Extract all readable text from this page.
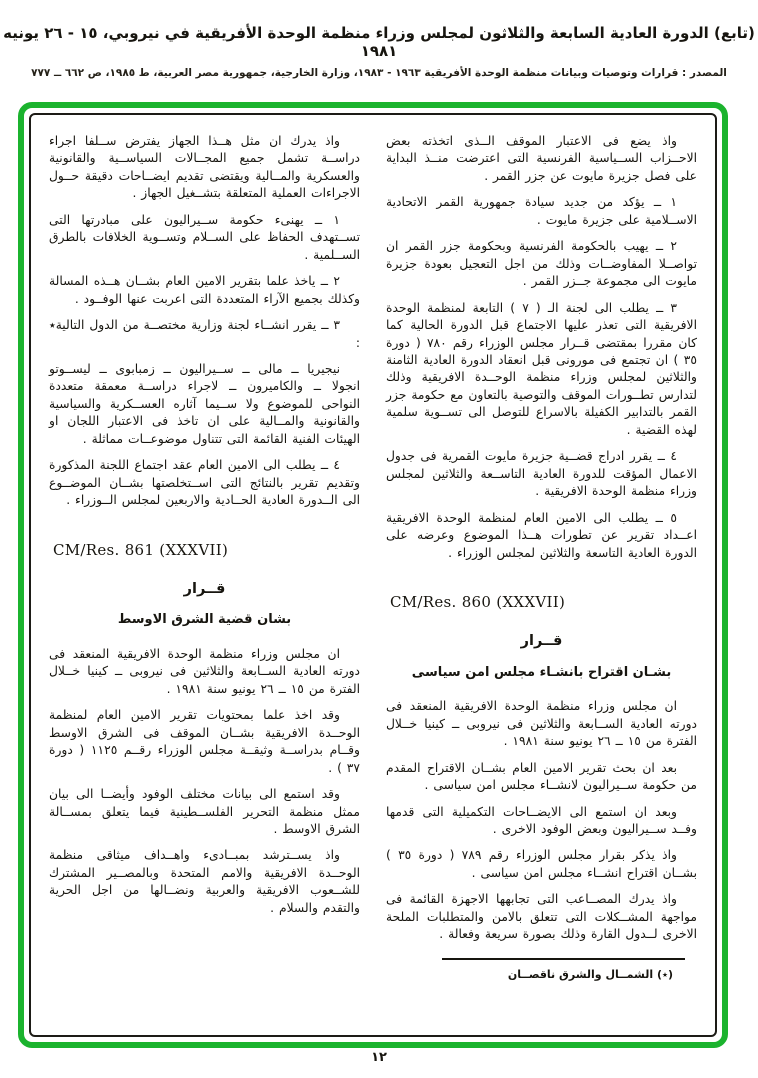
(تابع) الدورة العادية السابعة والثلاثون لمجلس وزراء منظمة الوحدة الأفريقية في نيروبي، ١٥ - ٢٦ يونيه ١٩٨١
المصدر : قرارات وتوصيات وبيانات منظمة الوحدة الأفريقية ١٩٦٣ - ١٩٨٣، وزارة الخارجية، جمهورية مصر العربية، ط ١٩٨٥، ص ٦٦٢ ــ ٧٧٧

واذ يضع فى الاعتبار الموقف الــذى اتخذته بعض الاحــزاب الســياسية الفرنسية التى اعترضت منــذ البداية على فصل جزيرة مايوت عن جزر القمر .

١ ــ يؤكد من جديد سيادة جمهورية القمر الاتحادية الاســلامية على جزيرة مايوت .

٢ ــ يهيب بالحكومة الفرنسية وبحكومة جزر القمر ان تواصــلا المفاوضــات وذلك من اجل التعجيل بعودة جزيرة مايوت الى مجموعة جــزر القمر .

٣ ــ يطلب الى لجنة الـ ( ٧ ) التابعة لمنظمة الوحدة الافريقية التى تعذر عليها الاجتماع قبل الدورة الحالية كما كان مقررا بمقتضى قــرار مجلس الوزراء رقم ٧٨٠ ( دورة ٣٥ ) ان تجتمع فى مورونى قبل انعقاد الدورة العادية الثامنة والثلاثين لمجلس وزراء منظمة الوحــدة الافريقية وذلك لتدارس تطــورات الموقف والتوصية بالتعاون مع حكومة جزر القمر بالتدابير الكفيلة بالاسراع للتوصل الى تســوية سلمية لهذه القضية .

٤ ــ يقرر ادراج قضــية جزيرة مايوت القمرية فى جدول الاعمال المؤقت للدورة العادية التاســعة والثلاثين لمجلس وزراء منظمة الوحدة الافريقية .

٥ ــ يطلب الى الامين العام لمنظمة الوحدة الافريقية اعــداد تقرير عن تطورات هــذا الموضوع وعرضه على الدورة العادية التاسعة والثلاثين لمجلس الوزراء .

CM/Res. 860 (XXXVII)
قــرار
بشـان اقتراح بانشـاء مجلس امن سياسى

ان مجلس وزراء منظمة الوحدة الافريقية المنعقد فى دورته العادية الســابعة والثلاثين فى نيروبى ــ كينيا خــلال الفترة من ١٥ ــ ٢٦ يونيو سنة ١٩٨١ .

بعد ان بحث تقرير الامين العام بشــان الاقتراح المقدم من حكومة ســيراليون لانشــاء مجلس امن سياسى .

وبعد ان استمع الى الايضــاحات التكميلية التى قدمها وفــد ســيراليون وبعض الوفود الاخرى .

واذ يذكر بقرار مجلس الوزراء رقم ٧٨٩ ( دورة ٣٥ ) بشــان اقتراح انشــاء مجلس امن سياسى .

واذ يدرك المصــاعب التى تجابهها الاجهزة القائمة فى مواجهة المشــكلات التى تتعلق بالامن والمتطلبات الملحة الاخرى لــدول القارة وذلك بصورة سريعة وفعالة .

(٭) الشمــال والشرق ناقصــان

واذ يدرك ان مثل هــذا الجهاز يفترض ســلفا اجراء دراســة تشمل جميع المجــالات السياســية والقانونية والعسكرية والمــالية ويقتضى تقديم ايضــاحات دقيقة حــول الاجراءات العملية المتعلقة بتشــغيل الجهاز .

١ ــ يهنىء حكومة ســيراليون على مبادرتها التى تســتهدف الحفاظ على الســلام وتســوية الخلافات بالطرق الســلمية .

٢ ــ ياخذ علما بتقرير الامين العام بشــان هــذه المسالة وكذلك بجميع الآراء المتعددة التى اعربت عنها الوفــود .

٣ ــ يقرر انشــاء لجنة وزارية مختصــة من الدول التالية٭ :

نيجيريا ــ مالى ــ ســيراليون ــ زمبابوى ــ ليســوتو انجولا ــ والكاميرون ــ لاجراء دراســة معمقة متعددة النواحى للموضوع ولا ســيما آثاره العســكرية والسياسية والقانونية والمــالية على ان تاخذ فى الاعتبار اللجان او الهيئات الفنية القائمة التى تتناول موضوعــات مماثلة .

٤ ــ يطلب الى الامين العام عقد اجتماع اللجنة المذكورة وتقديم تقرير بالنتائج التى اســتخلصتها بشــان الموضــوع الى الــدورة العادية الحــادية والاربعين لمجلس الــوزراء .

CM/Res. 861 (XXXVII)
قــرار
بشان قضية الشرق الاوسط

ان مجلس وزراء منظمة الوحدة الافريقية المنعقد فى دورته العادية الســابعة والثلاثين فى نيروبى ــ كينيا خــلال الفترة من ١٥ ــ ٢٦ يونيو سنة ١٩٨١ .

وقد اخذ علما بمحتويات تقرير الامين العام لمنظمة الوحــدة الافريقية بشــان الموقف فى الشرق الاوسط وقــام بدراســة وثيقــة مجلس الوزراء رقــم ١١٢٥ ( دورة ٣٧ ) .

وقد استمع الى بيانات مختلف الوفود وأيضــا الى بيان ممثل منظمة التحرير الفلســطينية فيما يتعلق بمســالة الشرق الاوسط .

واذ يســترشد بمبــادىء واهــداف ميثاقى منظمة الوحــدة الافريقية والامم المتحدة وبالمصــير المشترك للشــعوب الافريقية والعربية ونضــالها من اجل الحرية والتقدم والسلام .

١٢
